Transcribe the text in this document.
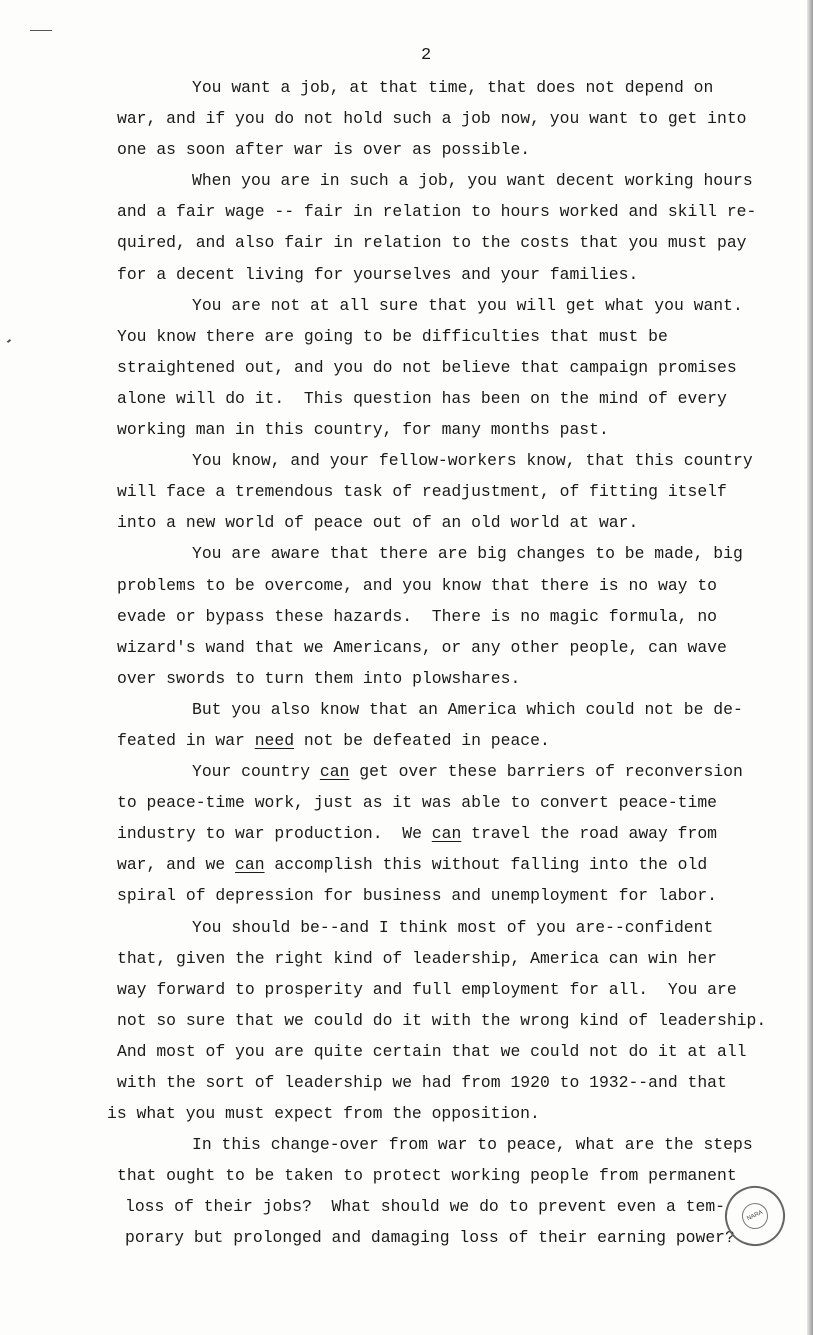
2
You want a job, at that time, that does not depend on
war, and if you do not hold such a job now, you want to get into
one as soon after war is over as possible.
When you are in such a job, you want decent working hours
and a fair wage -- fair in relation to hours worked and skill re-
quired, and also fair in relation to the costs that you must pay
for a decent living for yourselves and your families.
You are not at all sure that you will get what you want.
You know there are going to be difficulties that must be
straightened out, and you do not believe that campaign promises
alone will do it.  This question has been on the mind of every
working man in this country, for many months past.
You know, and your fellow-workers know, that this country
will face a tremendous task of readjustment, of fitting itself
into a new world of peace out of an old world at war.
You are aware that there are big changes to be made, big
problems to be overcome, and you know that there is no way to
evade or bypass these hazards.  There is no magic formula, no
wizard's wand that we Americans, or any other people, can wave
over swords to turn them into plowshares.
But you also know that an America which could not be de-
feated in war need not be defeated in peace.
Your country can get over these barriers of reconversion
to peace-time work, just as it was able to convert peace-time
industry to war production.  We can travel the road away from
war, and we can accomplish this without falling into the old
spiral of depression for business and unemployment for labor.
You should be--and I think most of you are--confident
that, given the right kind of leadership, America can win her
way forward to prosperity and full employment for all.  You are
not so sure that we could do it with the wrong kind of leadership.
And most of you are quite certain that we could not do it at all
with the sort of leadership we had from 1920 to 1932--and that
is what you must expect from the opposition.
In this change-over from war to peace, what are the steps
that ought to be taken to protect working people from permanent
loss of their jobs?  What should we do to prevent even a tem-
porary but prolonged and damaging loss of their earning power?
NARA
